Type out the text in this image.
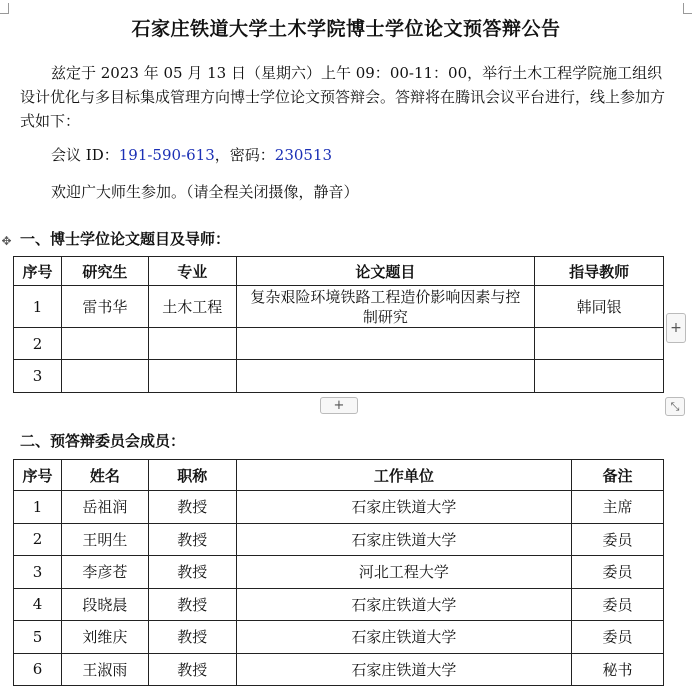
石家庄铁道大学土木学院博士学位论文预答辩公告

兹定于 2023 年 05 月 13 日（星期六）上午 09：00-11：00，举行土木工程学院施工组织设计优化与多目标集成管理方向博士学位论文预答辩会。答辩将在腾讯会议平台进行，线上参加方式如下：

会议 ID：191-590-613，密码：230513

欢迎广大师生参加。（请全程关闭摄像，静音）

✥ 一、博士学位论文题目及导师：

序号	研究生	专业	论文题目	指导教师
1	雷书华	土木工程	复杂艰险环境铁路工程造价影响因素与控制研究	韩同银
2				
3				
+
+	⤡

二、预答辩委员会成员：

序号	姓名	职称	工作单位	备注
1	岳祖润	教授	石家庄铁道大学	主席
2	王明生	教授	石家庄铁道大学	委员
3	李彦苍	教授	河北工程大学	委员
4	段晓晨	教授	石家庄铁道大学	委员
5	刘维庆	教授	石家庄铁道大学	委员
6	王淑雨	教授	石家庄铁道大学	秘书
